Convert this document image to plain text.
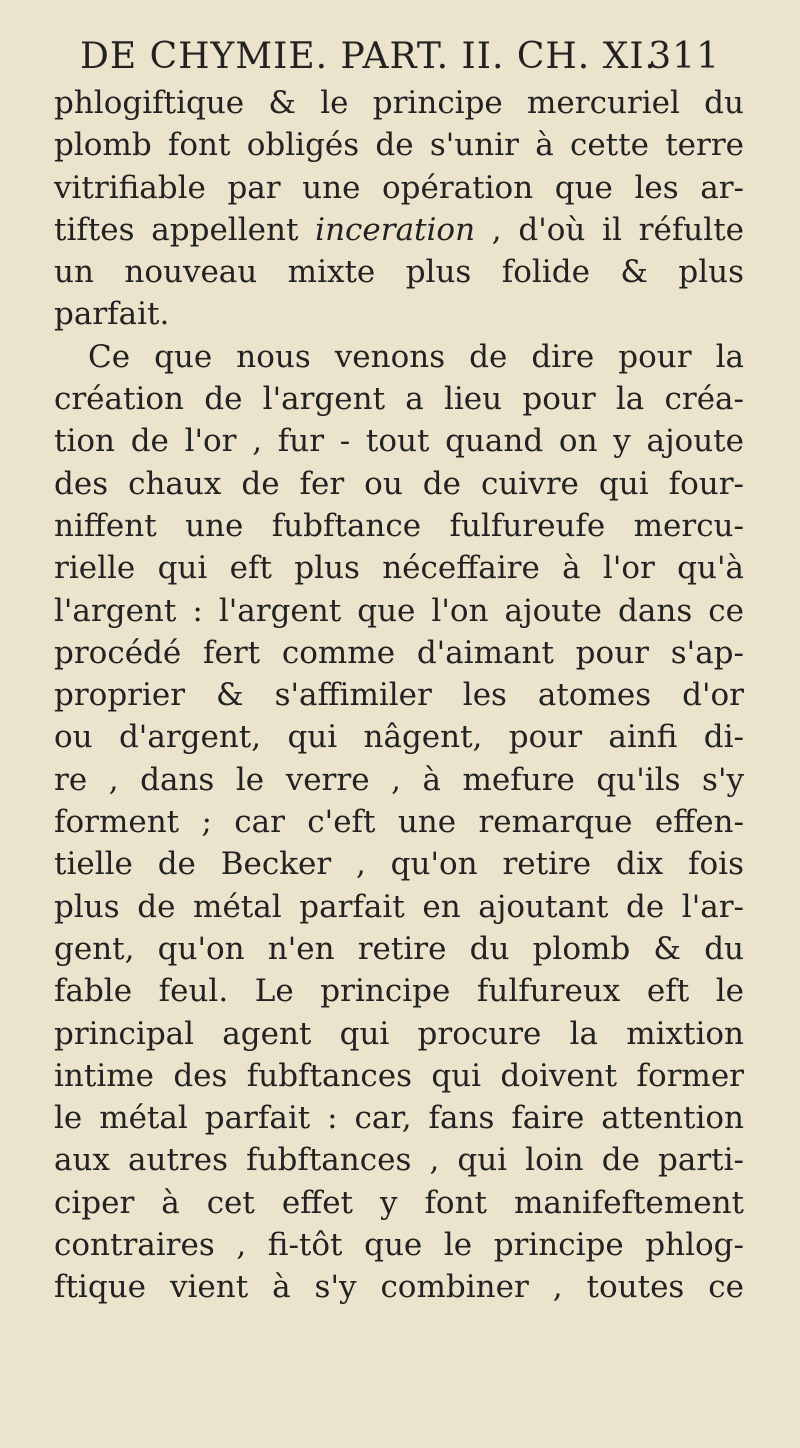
DE CHYMIE. PART. II. CH. XI.
311
phlogiftique & le principe mercuriel du
plomb font obligés de s'unir à cette terre
vitrifiable par une opération que les ar-
tiftes appellent inceration , d'où il réfulte
un nouveau mixte plus folide & plus
parfait.
Ce que nous venons de dire pour la
création de l'argent a lieu pour la créa-
tion de l'or , fur - tout quand on y ajoute
des chaux de fer ou de cuivre qui four-
niffent une fubftance fulfureufe mercu-
rielle qui eft plus néceffaire à l'or qu'à
l'argent : l'argent que l'on ajoute dans ce
procédé fert comme d'aimant pour s'ap-
proprier & s'affimiler les atomes d'or
ou d'argent, qui nâgent, pour ainfi di-
re , dans le verre , à mefure qu'ils s'y
forment ; car c'eft une remarque effen-
tielle de Becker , qu'on retire dix fois
plus de métal parfait en ajoutant de l'ar-
gent, qu'on n'en retire du plomb & du
fable feul. Le principe fulfureux eft le
principal agent qui procure la mixtion
intime des fubftances qui doivent former
le métal parfait : car, fans faire attention
aux autres fubftances , qui loin de parti-
ciper à cet effet y font manifeftement
contraires , fi-tôt que le principe phlog-
ftique vient à s'y combiner , toutes ce
